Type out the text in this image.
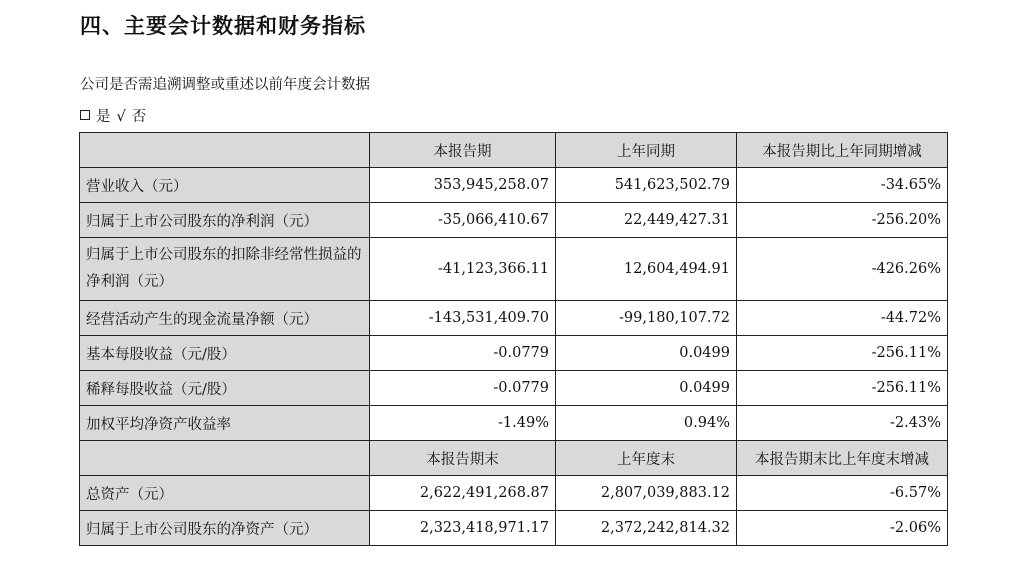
四、主要会计数据和财务指标
公司是否需追溯调整或重述以前年度会计数据
是 √ 否
	本报告期	上年同期	本报告期比上年同期增减
营业收入（元）	353,945,258.07	541,623,502.79	-34.65%
归属于上市公司股东的净利润（元）	-35,066,410.67	22,449,427.31	-256.20%
归属于上市公司股东的扣除非经常性损益的净利润（元）	-41,123,366.11	12,604,494.91	-426.26%
经营活动产生的现金流量净额（元）	-143,531,409.70	-99,180,107.72	-44.72%
基本每股收益（元/股）	-0.0779	0.0499	-256.11%
稀释每股收益（元/股）	-0.0779	0.0499	-256.11%
加权平均净资产收益率	-1.49%	0.94%	-2.43%
	本报告期末	上年度末	本报告期末比上年度末增减
总资产（元）	2,622,491,268.87	2,807,039,883.12	-6.57%
归属于上市公司股东的净资产（元）	2,323,418,971.17	2,372,242,814.32	-2.06%
